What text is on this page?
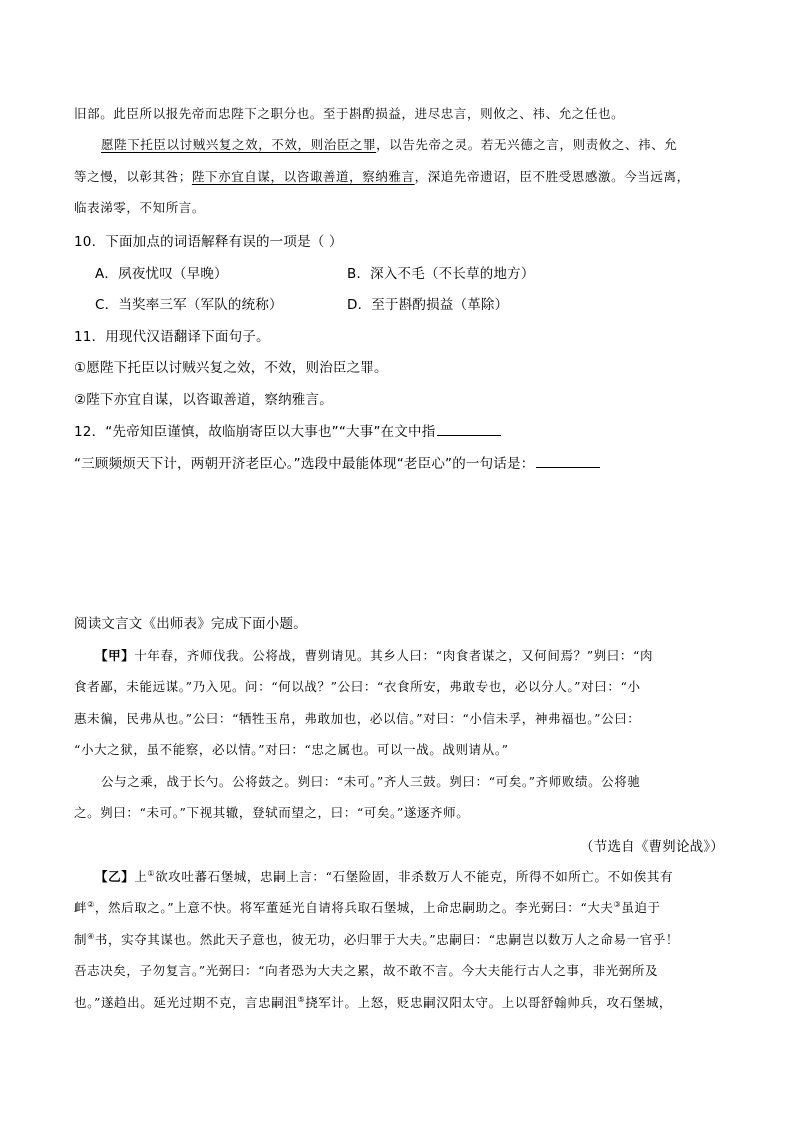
旧部。此臣所以报先帝而忠陛下之职分也。至于斟酌损益，进尽忠言，则攸之、祎、允之任也。
愿陛下托臣以讨贼兴复之效，不效，则治臣之罪，以告先帝之灵。若无兴德之言，则责攸之、祎、允
等之慢，以彰其咎；陛下亦宜自谋，以咨诹善道，察纳雅言，深追先帝遗诏，臣不胜受恩感激。今当远离，
临表涕零，不知所言。
10．下面加点的词语解释有误的一项是（ ）
A．夙夜忧叹（早晚）	B．深入不毛（不长草的地方）
C．当奖率三军（军队的统称）	D．至于斟酌损益（革除）
11．用现代汉语翻译下面句子。
①愿陛下托臣以讨贼兴复之效，不效，则治臣之罪。
②陛下亦宜自谋，以咨诹善道，察纳雅言。
12．“先帝知臣谨慎，故临崩寄臣以大事也”“大事”在文中指
“三顾频烦天下计，两朝开济老臣心。”选段中最能体现“老臣心”的一句话是：
阅读文言文《出师表》完成下面小题。
【甲】十年春，齐师伐我。公将战，曹刿请见。其乡人曰：“肉食者谋之，又何间焉？”刿曰：“肉
食者鄙，未能远谋。”乃入见。问：“何以战？”公曰：“衣食所安，弗敢专也，必以分人。”对曰：“小
惠未徧，民弗从也。”公曰：“牺牲玉帛，弗敢加也，必以信。”对曰：“小信未孚，神弗福也。”公曰：
“小大之狱，虽不能察，必以情。”对曰：“忠之属也。可以一战。战则请从。”
公与之乘，战于长勺。公将鼓之。刿曰：“未可。”齐人三鼓。刿曰：“可矣。”齐师败绩。公将驰
之。刿曰：“未可。”下视其辙，登轼而望之，曰：“可矣。”遂逐齐师。
（节选自《曹刿论战》）
【乙】上①欲攻吐蕃石堡城，忠嗣上言：“石堡险固，非杀数万人不能克，所得不如所亡。不如俟其有
衅②，然后取之。”上意不快。将军董延光自请将兵取石堡城，上命忠嗣助之。李光弼曰：“大夫③虽迫于
制④书，实夺其谋也。然此天子意也，彼无功，必归罪于大夫。”忠嗣曰：“忠嗣岂以数万人之命易一官乎！
吾志决矣，子勿复言。”光弼曰：“向者恐为大夫之累，故不敢不言。今大夫能行古人之事，非光弼所及
也。”遂趋出。延光过期不克，言忠嗣沮⑤挠军计。上怒，贬忠嗣汉阳太守。上以哥舒翰帅兵，攻石堡城，
